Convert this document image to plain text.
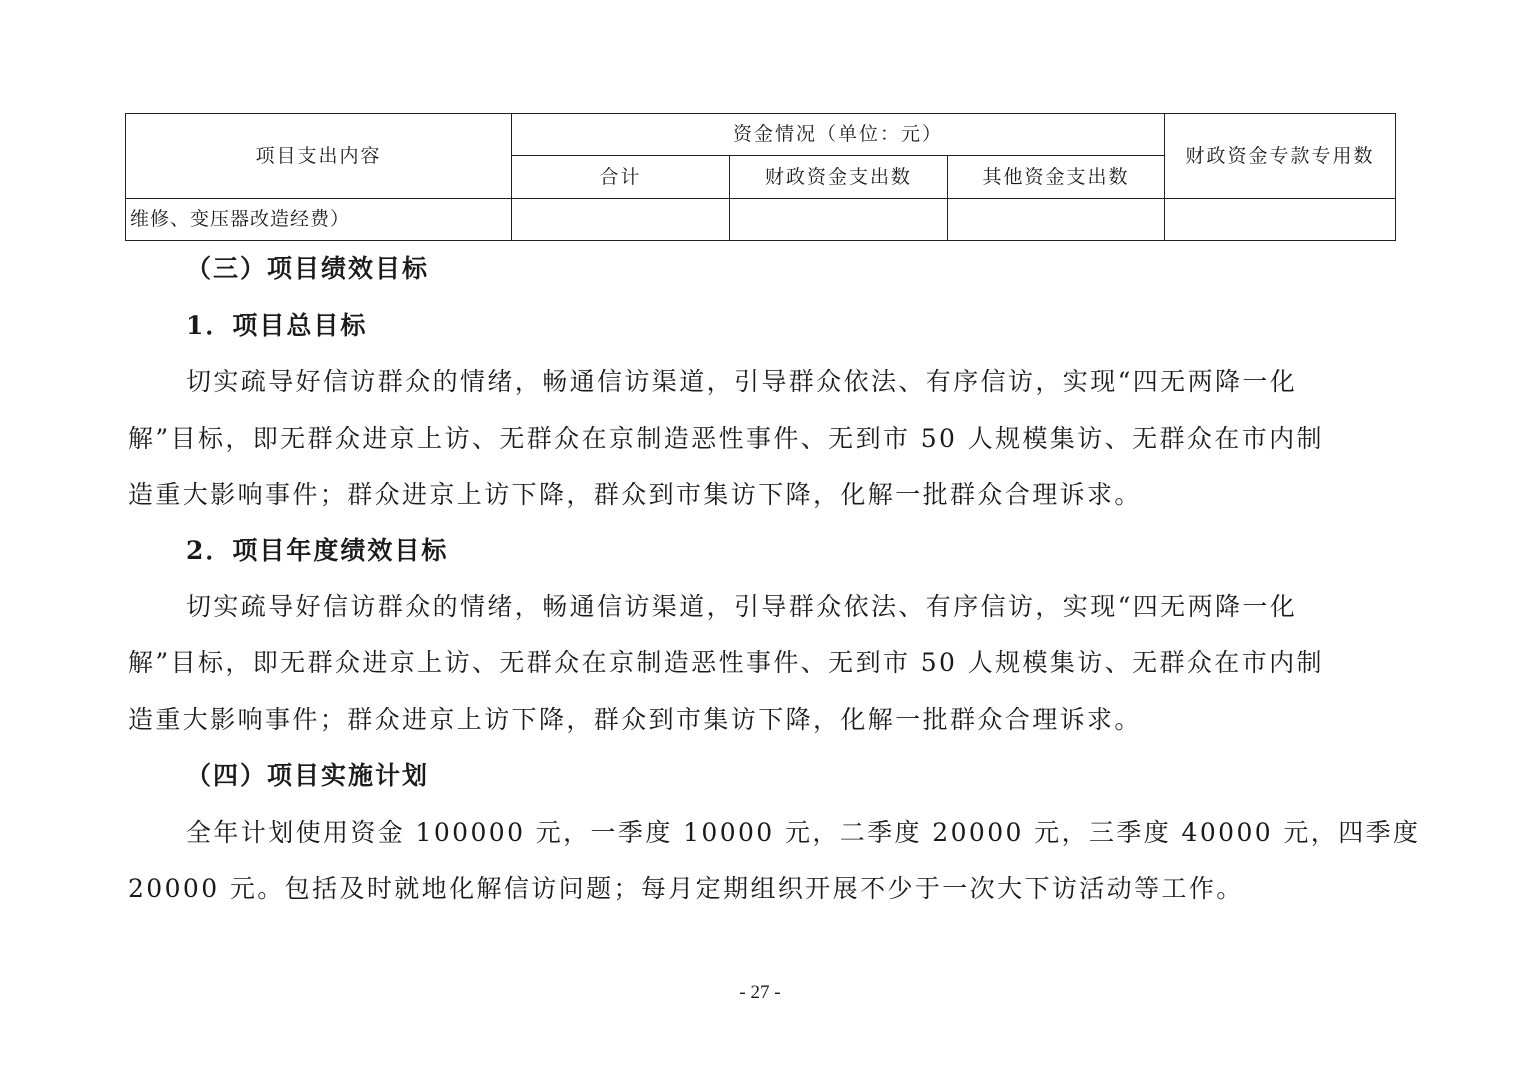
项目支出内容	资金情况（单位：元）			财政资金专款专用数
	合计	财政资金支出数	其他资金支出数	
维修、变压器改造经费）				
（三）项目绩效目标
1．项目总目标
切实疏导好信访群众的情绪，畅通信访渠道，引导群众依法、有序信访，实现“四无两降一化
解”目标，即无群众进京上访、无群众在京制造恶性事件、无到市 50 人规模集访、无群众在市内制
造重大影响事件；群众进京上访下降，群众到市集访下降，化解一批群众合理诉求。
2．项目年度绩效目标
切实疏导好信访群众的情绪，畅通信访渠道，引导群众依法、有序信访，实现“四无两降一化
解”目标，即无群众进京上访、无群众在京制造恶性事件、无到市 50 人规模集访、无群众在市内制
造重大影响事件；群众进京上访下降，群众到市集访下降，化解一批群众合理诉求。
（四）项目实施计划
全年计划使用资金 100000 元，一季度 10000 元，二季度 20000 元，三季度 40000 元，四季度
20000 元。包括及时就地化解信访问题；每月定期组织开展不少于一次大下访活动等工作。
- 27 -
